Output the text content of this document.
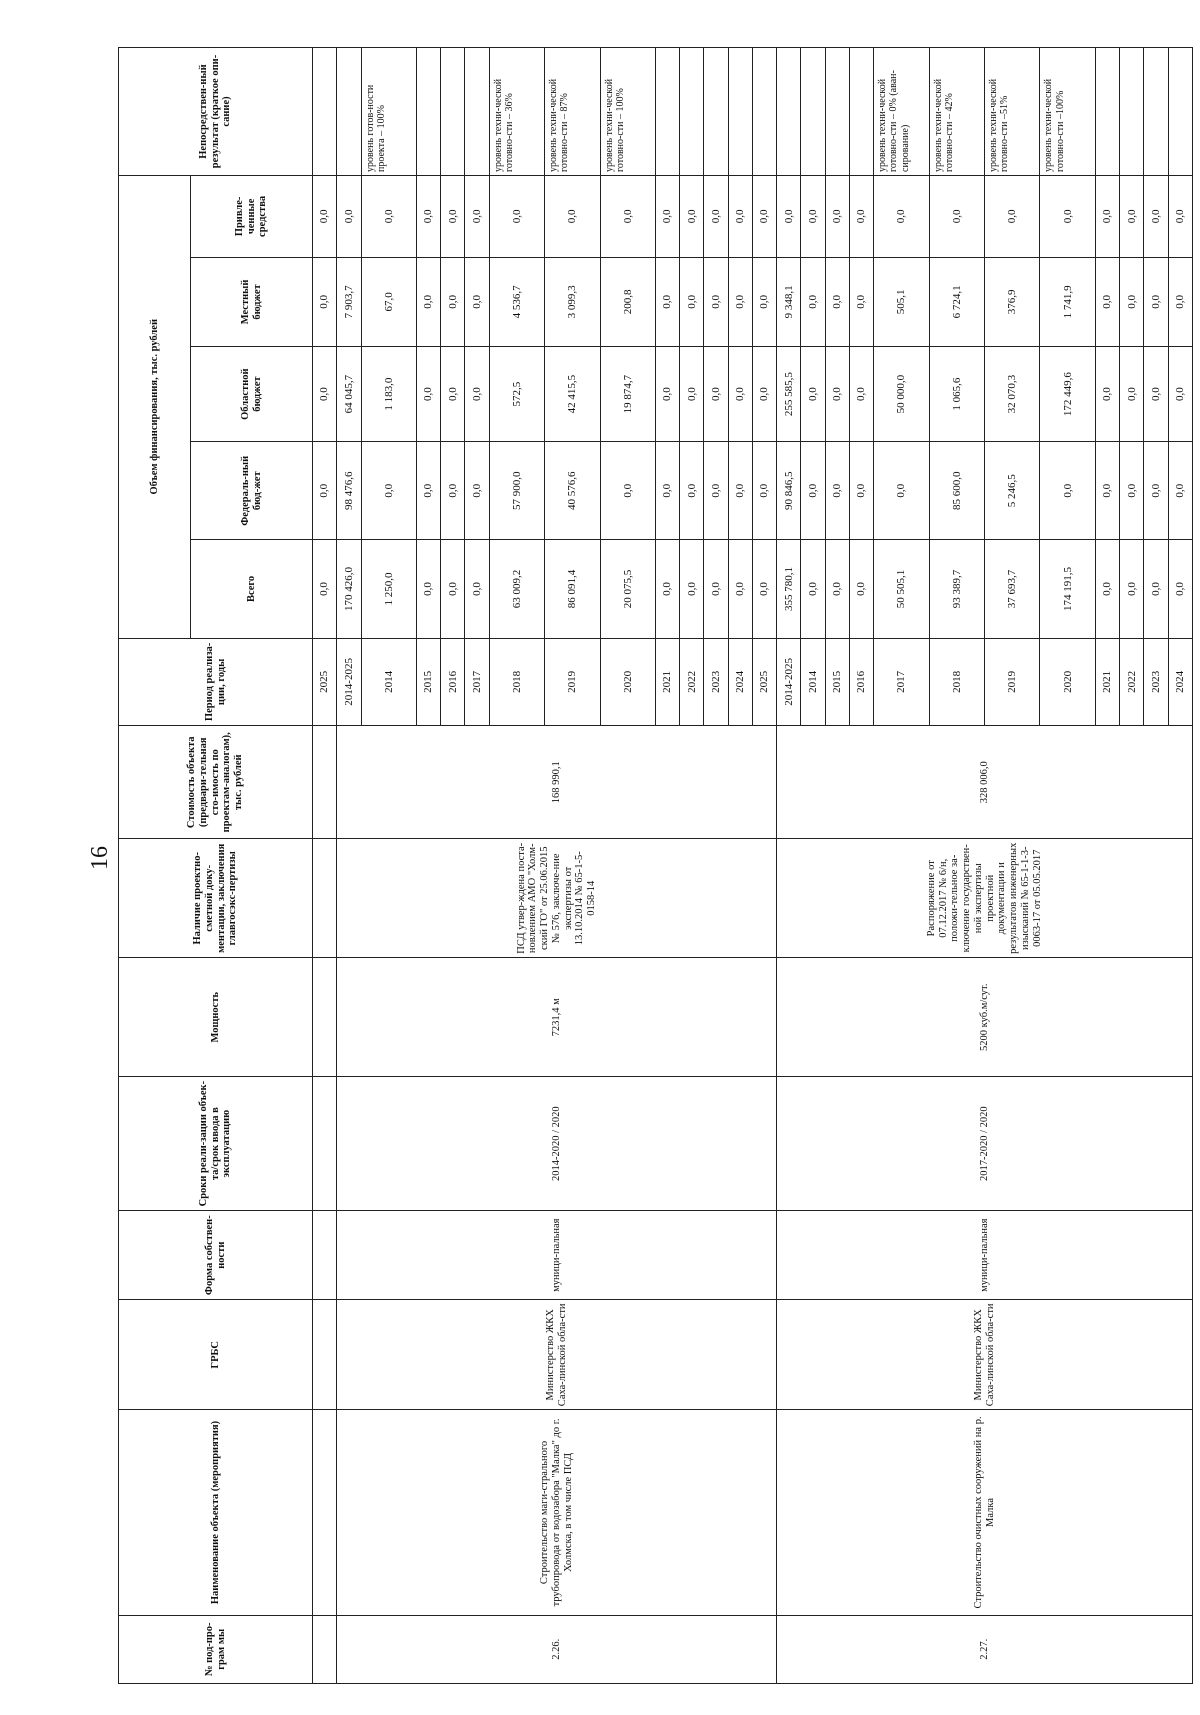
16
№ под-про-грам мы	Наименование объекта (мероприятия)	ГРБС	Форма собствен-ности	Сроки реали-зации объек-та/срок ввода в эксплуатацию	Мощность	Наличие проектно-сметной доку-ментации, заключения главгосэкс-пертизы	Стоимость объекта (предвари-тельная сто-имость по проектам-аналогам), тыс. рублей	Период реализа-ции, годы	Объем финансирования, тыс. рублей					Непосредствен-ный результат (краткое опи-сание)
									Всего	Федераль-ный бюд-жет	Областной бюджет	Местный бюджет	Привле-ченные средства	
								2025	0,0	0,0	0,0	0,0	0,0	
2.26.	Строительство маги-стрального трубопровода от водозабора "Малка" до г. Холмска, в том числе ПСД	Министерство ЖКХ Саха-линской обла-сти	муници-пальная	2014-2020 / 2020	7231,4 м	ПСД утвер-ждена поста-новлением АМО "Холм-ский ГО" от 25.06.2015 № 576, заключе-ние экспертизы от 13.10.2014 № 65-1-5-0158-14	168 990,1	2014-2025	170 426,0	98 476,6	64 045,7	7 903,7	0,0	
								2014	1 250,0	0,0	1 183,0	67,0	0,0	уровень готов-ности проекта – 100%
								2015	0,0	0,0	0,0	0,0	0,0	
								2016	0,0	0,0	0,0	0,0	0,0	
								2017	0,0	0,0	0,0	0,0	0,0	
								2018	63 009,2	57 900,0	572,5	4 536,7	0,0	уровень техни-ческой готовно-сти – 36%
								2019	86 091,4	40 576,6	42 415,5	3 099,3	0,0	уровень техни-ческой готовно-сти – 87%
								2020	20 075,5	0,0	19 874,7	200,8	0,0	уровень техни-ческой готовно-сти – 100%
								2021	0,0	0,0	0,0	0,0	0,0	
								2022	0,0	0,0	0,0	0,0	0,0	
								2023	0,0	0,0	0,0	0,0	0,0	
								2024	0,0	0,0	0,0	0,0	0,0	
								2025	0,0	0,0	0,0	0,0	0,0	
2.27.	Строительство очистных сооружений на р. Малка	Министерство ЖКХ Саха-линской обла-сти	муници-пальная	2017-2020 / 2020	5200 куб.м/сут.	Распоряжение от 07.12.2017 № 6/н, положи-тельное за-ключение государствен-ной экспертизы проектной документации и результатов инженерных изысканий № 65-1-1-3-0063-17 от 05.05.2017	328 006,0	2014-2025	355 780,1	90 846,5	255 585,5	9 348,1	0,0	
								2014	0,0	0,0	0,0	0,0	0,0	
								2015	0,0	0,0	0,0	0,0	0,0	
								2016	0,0	0,0	0,0	0,0	0,0	
								2017	50 505,1	0,0	50 000,0	505,1	0,0	уровень техни-ческой готовно-сти – 0% (аван-сирование)
								2018	93 389,7	85 600,0	1 065,6	6 724,1	0,0	уровень техни-ческой готовно-сти – 42%
								2019	37 693,7	5 246,5	32 070,3	376,9	0,0	уровень техни-ческой готовно-сти –51%
								2020	174 191,5	0,0	172 449,6	1 741,9	0,0	уровень техни-ческой готовно-сти –100%
								2021	0,0	0,0	0,0	0,0	0,0	
								2022	0,0	0,0	0,0	0,0	0,0	
								2023	0,0	0,0	0,0	0,0	0,0	
								2024	0,0	0,0	0,0	0,0	0,0	
